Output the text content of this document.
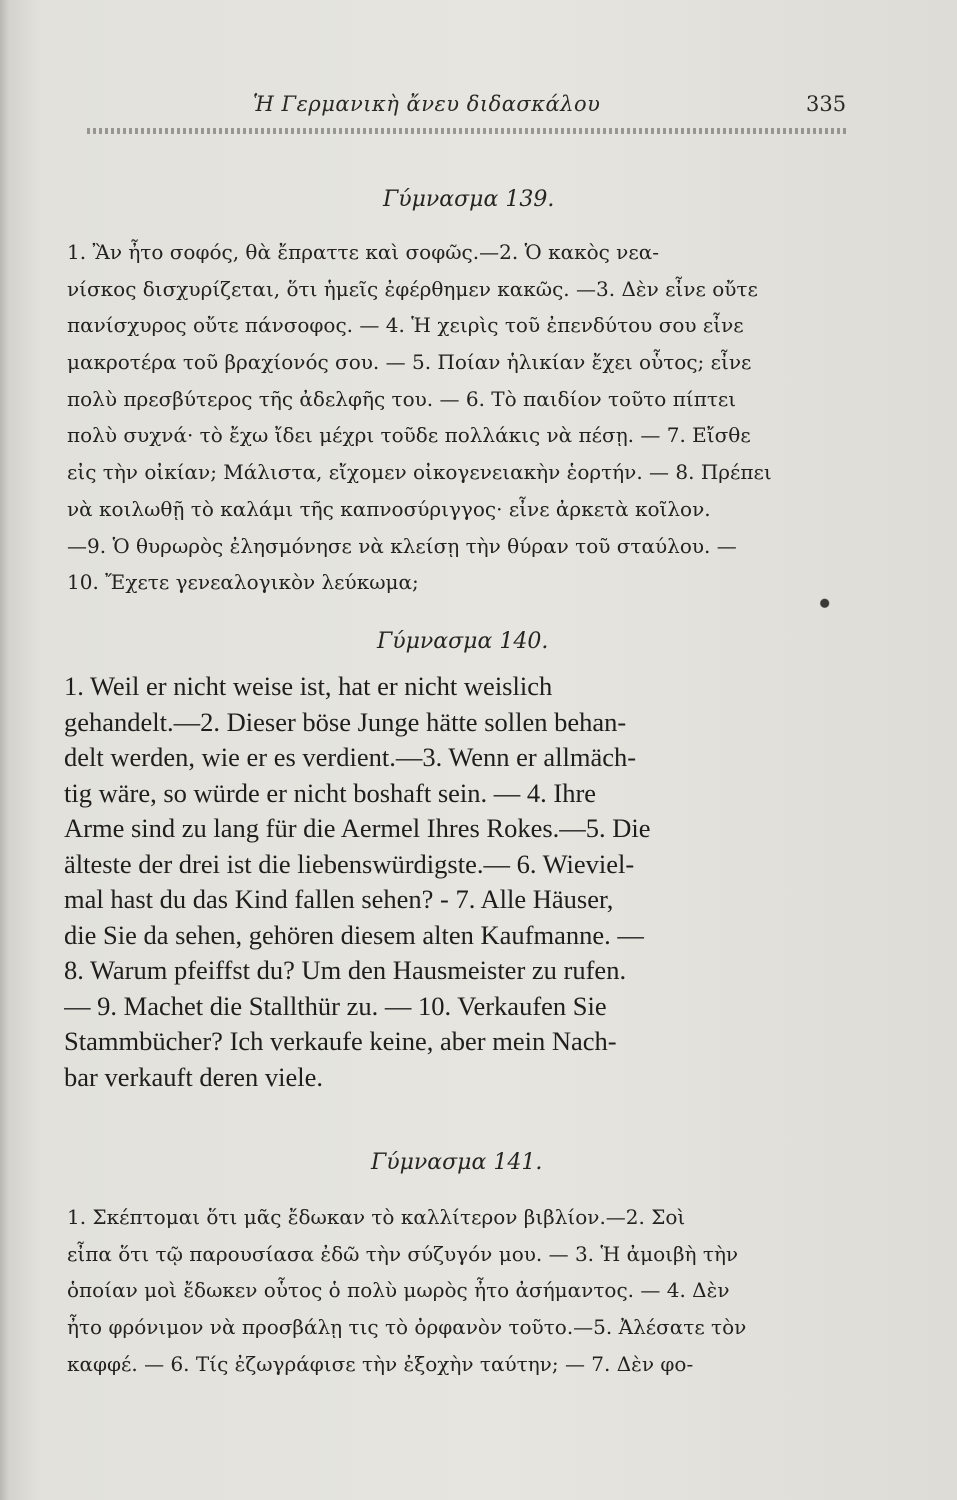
Ἡ Γερμανικὴ ἄνευ διδασκάλου	335
Γύμνασμα 139.
1. Ἂν ἦτο σοφός, θὰ ἔπραττε καὶ σοφῶς.—2. Ὁ κακὸς νεα-
νίσκος δισχυρίζεται, ὅτι ἡμεῖς ἐφέρθημεν κακῶς. —3. Δὲν εἶνε οὔτε
πανίσχυρος οὔτε πάνσοφος. — 4. Ἡ χειρὶς τοῦ ἐπενδύτου σου εἶνε
μακροτέρα τοῦ βραχίονός σου. — 5. Ποίαν ἡλικίαν ἔχει οὗτος; εἶνε
πολὺ πρεσβύτερος τῆς ἀδελφῆς του. — 6. Τὸ παιδίον τοῦτο πίπτει
πολὺ συχνά· τὸ ἔχω ἴδει μέχρι τοῦδε πολλάκις νὰ πέσῃ. — 7. Εἴσθε
εἰς τὴν οἰκίαν; Μάλιστα, εἴχομεν οἰκογενειακὴν ἑορτήν. — 8. Πρέπει
νὰ κοιλωθῇ τὸ καλάμι τῆς καπνοσύριγγος· εἶνε ἀρκετὰ κοῖλον.
—9. Ὁ θυρωρὸς ἐλησμόνησε νὰ κλείσῃ τὴν θύραν τοῦ σταύλου. —
10. Ἔχετε γενεαλογικὸν λεύκωμα;
Γύμνασμα 140.
1. Weil er nicht weise ist, hat er nicht weislich
gehandelt.—2. Dieser böse Junge hätte sollen behan-
delt werden, wie er es verdient.—3. Wenn er allmäch-
tig wäre, so würde er nicht boshaft sein. — 4. Ihre
Arme sind zu lang für die Aermel Ihres Rokes.—5. Die
älteste der drei ist die liebenswürdigste.— 6. Wieviel-
mal hast du das Kind fallen sehen? - 7. Alle Häuser,
die Sie da sehen, gehören diesem alten Kaufmanne. —
8. Warum pfeiffst du? Um den Hausmeister zu rufen.
— 9. Machet die Stallthür zu. — 10. Verkaufen Sie
Stammbücher? Ich verkaufe keine, aber mein Nach-
bar verkauft deren viele.
Γύμνασμα 141.
1. Σκέπτομαι ὅτι μᾶς ἔδωκαν τὸ καλλίτερον βιβλίον.—2. Σοὶ
εἶπα ὅτι τῷ παρουσίασα ἐδῶ τὴν σύζυγόν μου. — 3. Ἡ ἀμοιβὴ τὴν
ὁποίαν μοὶ ἔδωκεν οὗτος ὁ πολὺ μωρὸς ἦτο ἀσήμαντος. — 4. Δὲν
ἦτο φρόνιμον νὰ προσβάλῃ τις τὸ ὀρφανὸν τοῦτο.—5. Ἀλέσατε τὸν
καφφέ. — 6. Τίς ἐζωγράφισε τὴν ἐξοχὴν ταύτην; — 7. Δὲν φο-
